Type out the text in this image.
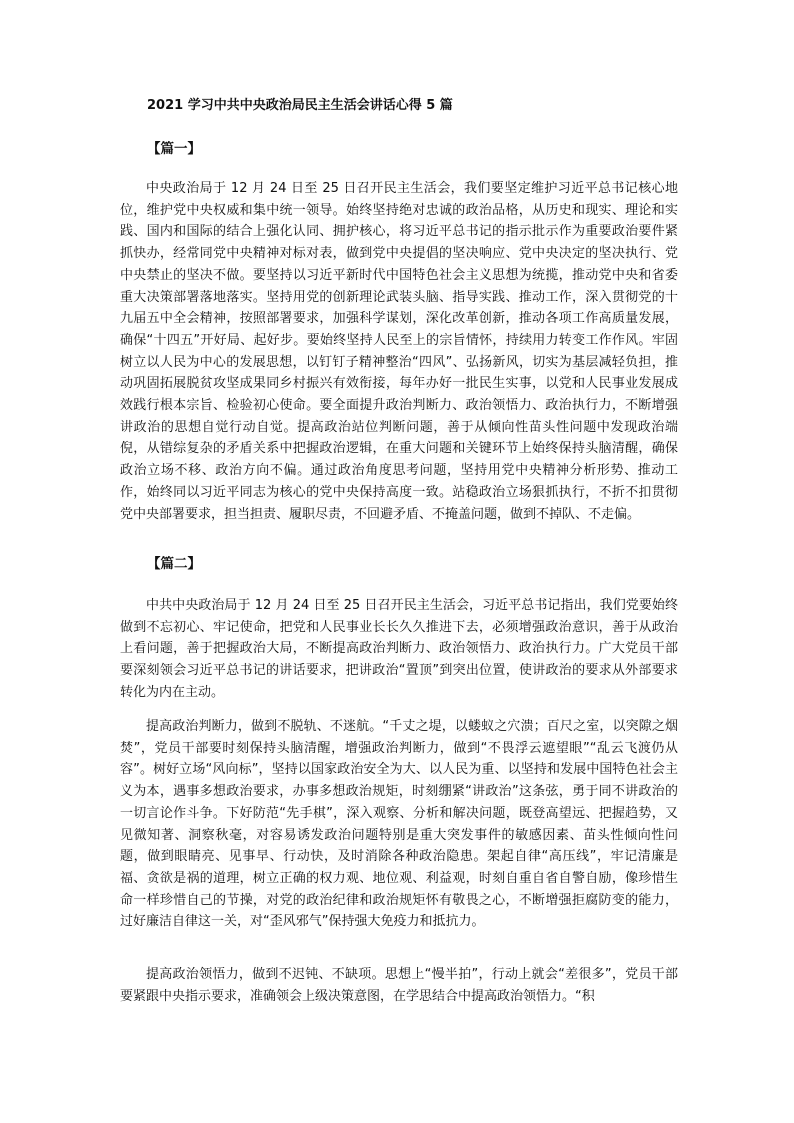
2021 学习中共中央政治局民主生活会讲话心得 5 篇
【篇一】

中央政治局于 12 月 24 日至 25 日召开民主生活会，我们要坚定维护习近平总书记核心地位，维护党中央权威和集中统一领导。始终坚持绝对忠诚的政治品格，从历史和现实、理论和实践、国内和国际的结合上强化认同、拥护核心，将习近平总书记的指示批示作为重要政治要件紧抓快办，经常同党中央精神对标对表，做到党中央提倡的坚决响应、党中央决定的坚决执行、党中央禁止的坚决不做。要坚持以习近平新时代中国特色社会主义思想为统揽，推动党中央和省委重大决策部署落地落实。坚持用党的创新理论武装头脑、指导实践、推动工作，深入贯彻党的十九届五中全会精神，按照部署要求，加强科学谋划，深化改革创新，推动各项工作高质量发展，确保“十四五”开好局、起好步。要始终坚持人民至上的宗旨情怀，持续用力转变工作作风。牢固树立以人民为中心的发展思想，以钉钉子精神整治“四风”、弘扬新风，切实为基层减轻负担，推动巩固拓展脱贫攻坚成果同乡村振兴有效衔接，每年办好一批民生实事，以党和人民事业发展成效践行根本宗旨、检验初心使命。要全面提升政治判断力、政治领悟力、政治执行力，不断增强讲政治的思想自觉行动自觉。提高政治站位判断问题，善于从倾向性苗头性问题中发现政治端倪，从错综复杂的矛盾关系中把握政治逻辑，在重大问题和关键环节上始终保持头脑清醒，确保政治立场不移、政治方向不偏。通过政治角度思考问题，坚持用党中央精神分析形势、推动工作，始终同以习近平同志为核心的党中央保持高度一致。站稳政治立场狠抓执行，不折不扣贯彻党中央部署要求，担当担责、履职尽责，不回避矛盾、不掩盖问题，做到不掉队、不走偏。

【篇二】

中共中央政治局于 12 月 24 日至 25 日召开民主生活会，习近平总书记指出，我们党要始终做到不忘初心、牢记使命，把党和人民事业长长久久推进下去，必须增强政治意识，善于从政治上看问题，善于把握政治大局，不断提高政治判断力、政治领悟力、政治执行力。广大党员干部要深刻领会习近平总书记的讲话要求，把讲政治“置顶”到突出位置，使讲政治的要求从外部要求转化为内在主动。

提高政治判断力，做到不脱轨、不迷航。“千丈之堤，以蝼蚁之穴溃；百尺之室，以突隙之烟焚”，党员干部要时刻保持头脑清醒，增强政治判断力，做到“不畏浮云遮望眼”“乱云飞渡仍从容”。树好立场“风向标”，坚持以国家政治安全为大、以人民为重、以坚持和发展中国特色社会主义为本，遇事多想政治要求，办事多想政治规矩，时刻绷紧“讲政治”这条弦，勇于同不讲政治的一切言论作斗争。下好防范“先手棋”，深入观察、分析和解决问题，既登高望远、把握趋势，又见微知著、洞察秋毫，对容易诱发政治问题特别是重大突发事件的敏感因素、苗头性倾向性问题，做到眼睛亮、见事早、行动快，及时消除各种政治隐患。架起自律“高压线”，牢记清廉是福、贪欲是祸的道理，树立正确的权力观、地位观、利益观，时刻自重自省自警自励，像珍惜生命一样珍惜自己的节操，对党的政治纪律和政治规矩怀有敬畏之心，不断增强拒腐防变的能力，过好廉洁自律这一关，对“歪风邪气”保持强大免疫力和抵抗力。

提高政治领悟力，做到不迟钝、不缺项。思想上“慢半拍”，行动上就会“差很多”，党员干部要紧跟中央指示要求，准确领会上级决策意图，在学思结合中提高政治领悟力。“积
